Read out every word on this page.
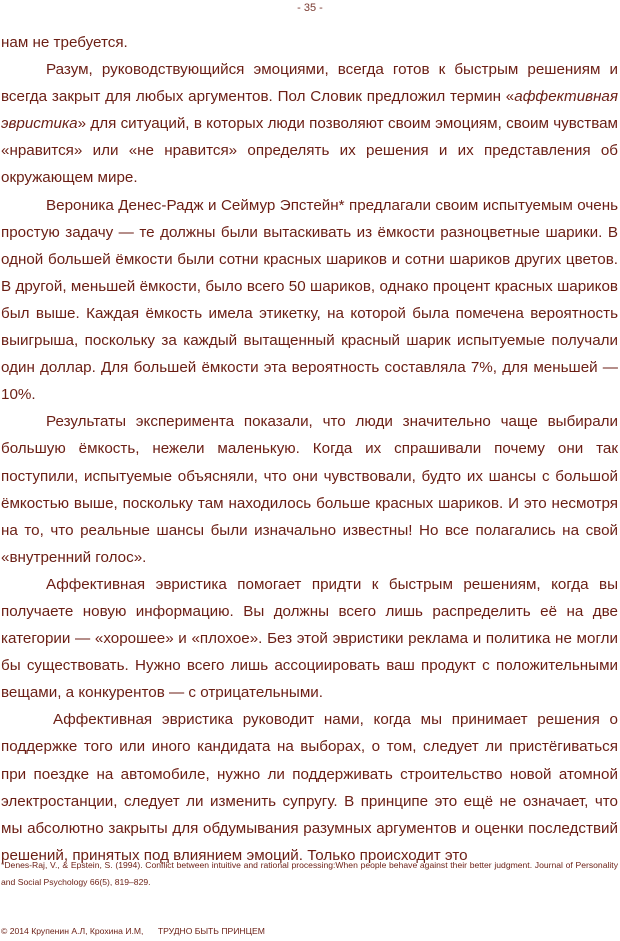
- 35 -

нам не требуется.

Разум, руководствующийся эмоциями, всегда готов к быстрым решениям и всегда закрыт для любых аргументов. Пол Словик предложил термин «аффективная эвристика» для ситуаций, в которых люди позволяют своим эмоциям, своим чувствам «нравится» или «не нравится» определять их решения и их представления об окружающем мире.

Вероника Денес-Радж и Сеймур Эпстейн* предлагали своим испытуемым очень простую задачу — те должны были вытаскивать из ёмкости разноцветные шарики. В одной большей ёмкости были сотни красных шариков и сотни шариков других цветов. В другой, меньшей ёмкости, было всего 50 шариков, однако процент красных шариков был выше. Каждая ёмкость имела этикетку, на которой была помечена вероятность выигрыша, поскольку за каждый вытащенный красный шарик испытуемые получали один доллар. Для большей ёмкости эта вероятность составляла 7%, для меньшей — 10%.

Результаты эксперимента показали, что люди значительно чаще выбирали большую ёмкость, нежели маленькую. Когда их спрашивали почему они так поступили, испытуемые объясняли, что они чувствовали, будто их шансы с большой ёмкостью выше, поскольку там находилось больше красных шариков. И это несмотря на то, что реальные шансы были изначально известны! Но все полагались на свой «внутренний голос».

Аффективная эвристика помогает придти к быстрым решениям, когда вы получаете новую информацию. Вы должны всего лишь распределить её на две категории — «хорошее» и «плохое». Без этой эвристики реклама и политика не могли бы существовать. Нужно всего лишь ассоциировать ваш продукт с положительными вещами, а конкурентов — с отрицательными.

Аффективная эвристика руководит нами, когда мы принимает решения о поддержке того или иного кандидата на выборах, о том, следует ли пристёгиваться при поездке на автомобиле, нужно ли поддерживать строительство новой атомной электростанции, следует ли изменить супругу. В принципе это ещё не означает, что мы абсолютно закрыты для обдумывания разумных аргументов и оценки последствий решений, принятых под влиянием эмоций. Только происходит это

*Denes-Raj, V., & Epstein, S. (1994). Conflict between intuitive and rational processing:When people behave against their better judgment. Journal of Personality and Social Psychology 66(5), 819–829.
© 2014 Крупенин А.Л, Крохина И.М, ТРУДНО БЫТЬ ПРИНЦЕМ
